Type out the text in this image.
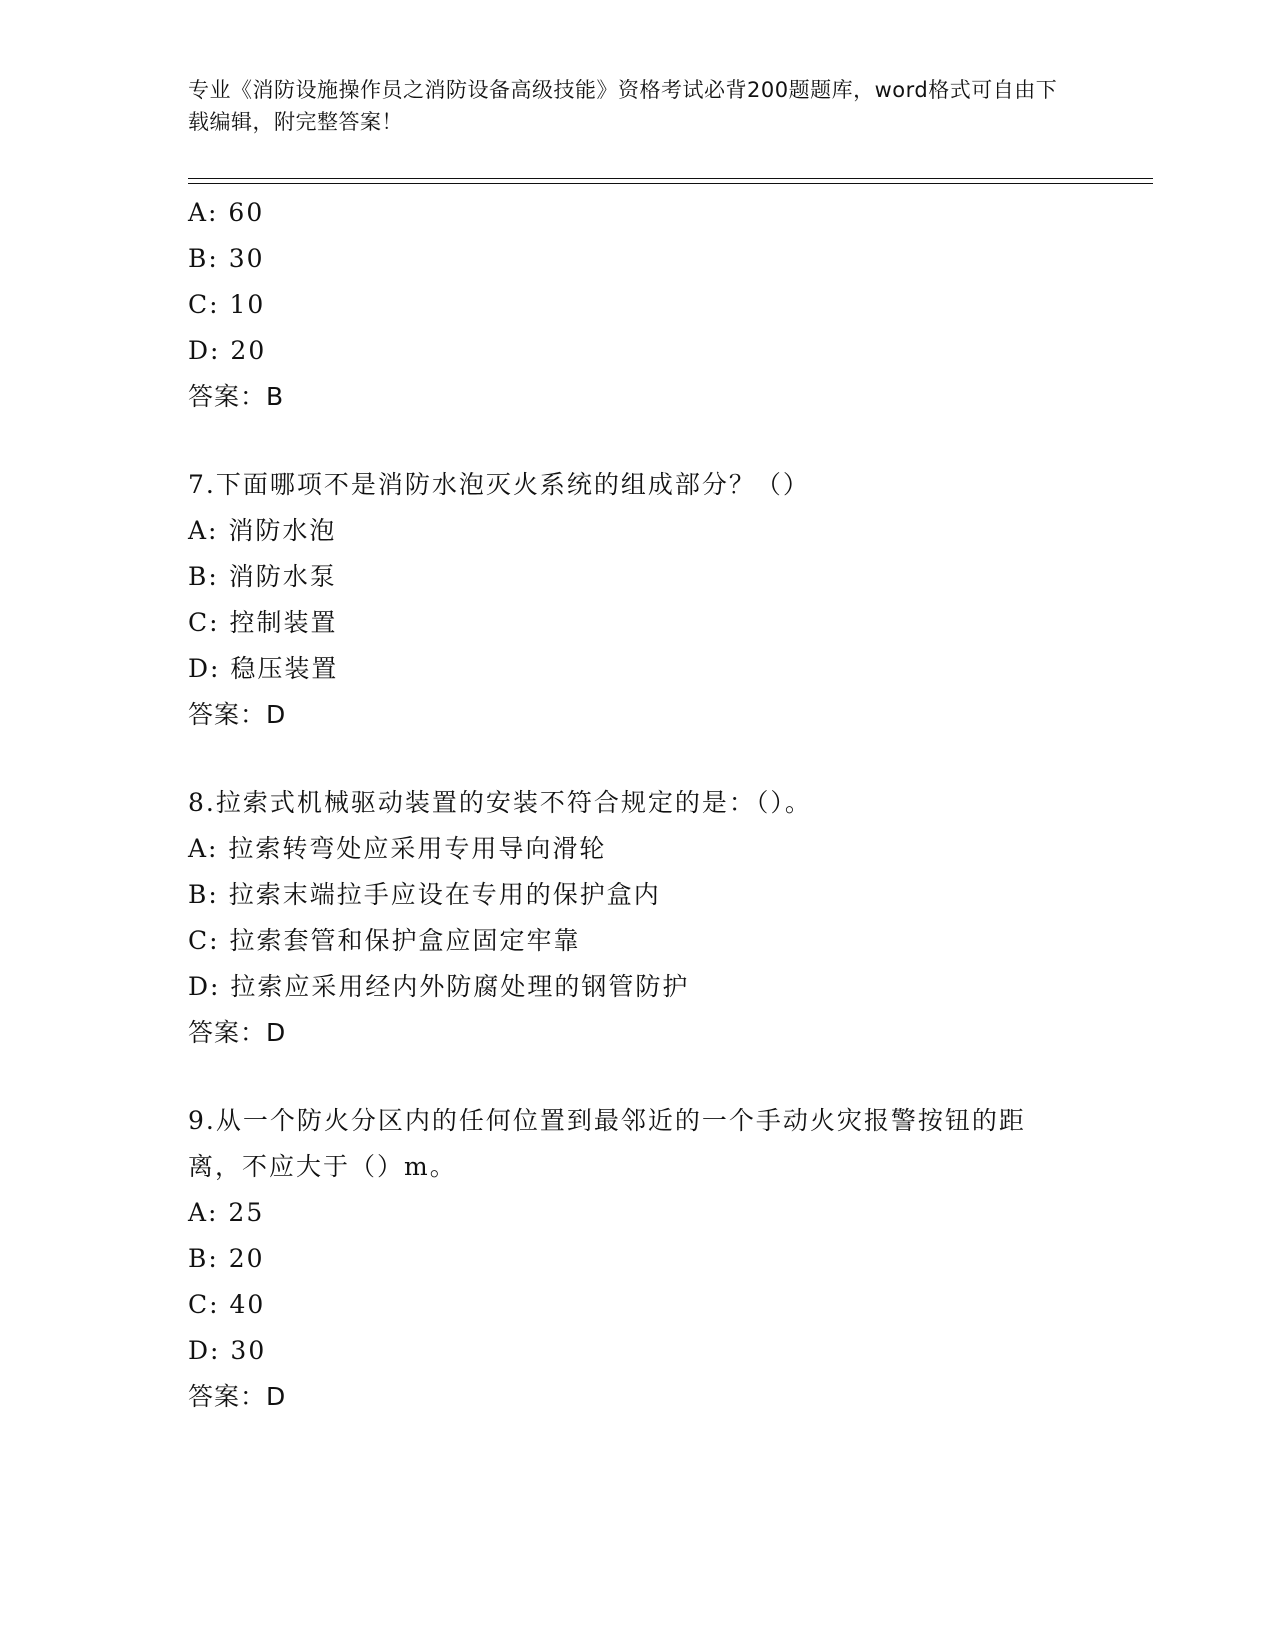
专业《消防设施操作员之消防设备高级技能》资格考试必背200题题库，word格式可自由下载编辑，附完整答案！
A: 60
B: 30
C: 10
D: 20
答案：B
7.下面哪项不是消防水泡灭火系统的组成部分？（）
A: 消防水泡
B: 消防水泵
C: 控制装置
D: 稳压装置
答案：D
8.拉索式机械驱动装置的安装不符合规定的是：（）。
A: 拉索转弯处应采用专用导向滑轮
B: 拉索末端拉手应设在专用的保护盒内
C: 拉索套管和保护盒应固定牢靠
D: 拉索应采用经内外防腐处理的钢管防护
答案：D
9.从一个防火分区内的任何位置到最邻近的一个手动火灾报警按钮的距离，不应大于（）m。
A: 25
B: 20
C: 40
D: 30
答案：D
